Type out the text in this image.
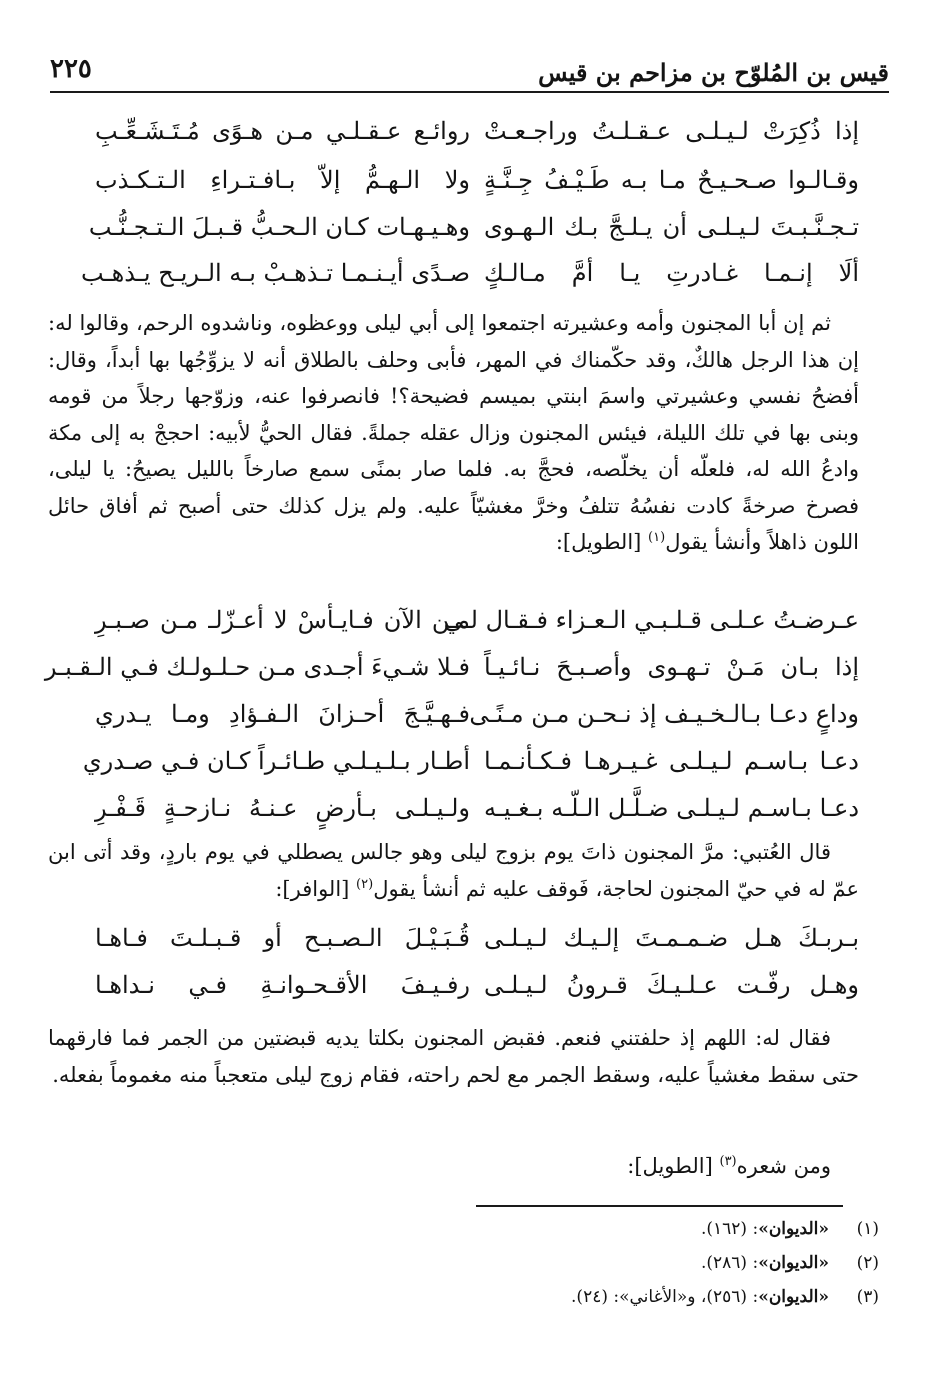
قيس بن المُلوّح بن مزاحم بن قيس
٢٢٥
إذا ذُكِرَتْ لـيـلـى عـقـلـتُ وراجـعـتْ
روائـع عـقـلـي مـن هـوًى مُـتَـشَـعِّـبِ
وقـالـوا صـحـيـحٌ مـا بـه طَـيْـفُ جِـنَّـةٍ
ولا الـهـمُّ إلاّ بـافـتـراءِ الـتـكـذب
تـجـنَّـبـتَ لـيـلـى أن يـلـجَّ بـك الـهـوى
وهـيـهـات كـان الـحـبُّ قـبـلَ الـتـجـنُّـب
ألَا إنـمـا غـادرتِ يـا أمَّ مـالـكٍ
صـدًى أيـنـمـا تـذهـبْ بـه الـريـح يـذهـب
ثم إن أبا المجنون وأمه وعشيرته اجتمعوا إلى أبي ليلى ووعظوه، وناشدوه الرحم، وقالوا له: إن هذا الرجل هالكٌ، وقد حكّمناك في المهر، فأبى وحلف بالطلاق أنه لا يزوِّجُها بها أبداً، وقال: أفضحُ نفسي وعشيرتي واسمَ ابنتي بميسم فضيحة؟! فانصرفوا عنه، وزوّجها رجلاً من قومه وبنى بها في تلك الليلة، فيئس المجنون وزال عقله جملةً. فقال الحيُّ لأبيه: احججْ به إلى مكة وادعُ الله له، فلعلّه أن يخلّصه، فحجَّ به. فلما صار بمنًى سمع صارخاً بالليل يصيحُ: يا ليلى، فصرخ صرخةً كادت نفسُهُ تتلفُ وخرَّ مغشيّاً عليه. ولم يزل كذلك حتى أصبح ثم أفاق حائل اللون ذاهلاً وأنشأ يقول$^{(١)}$ [الطويل]:
عـرضـتُ عـلـى قـلـبـي الـعـزاء فـقـال لـي
مـن الآن فـايـأسْ لا أعـزّلـ مـن صـبـرِ
إذا بـان مَـنْ تـهـوى وأصـبـحَ نـائـيـاً
فـلا شـيءَ أجـدى مـن حـلـولـك فـي الـقـبـر
وداعٍ دعـا بـالـخـيـف إذ نـحـن مـن مـنًـى
فـهـيَّـجَ أحـزانَ الـفـؤادِ ومـا يـدري
دعـا بـاسـم لـيـلـى غـيـرهـا فـكـأنـمـا
أطـار بـلـيـلـي طـائـراً كـان فـي صـدري
دعـا بـاسـم لـيـلـى ضـلَّـل الـلّـه بـغـيـه
ولـيـلـى بـأرضٍ عـنـهُ نـازحـةٍ قَـفْـرِ
قال العُتبي: مرَّ المجنون ذاتَ يوم بزوج ليلى وهو جالس يصطلي في يوم باردٍ، وقد أتى ابن عمّ له في حيّ المجنون لحاجة، فَوقف عليه ثم أنشأ يقول$^{(٢)}$ [الوافر]:
بـربـكَ هـل ضـمـمـتَ إلـيـك لـيـلـى
قُـبَـيْـلَ الـصـبـح أو قـبـلـتَ فـاهـا
وهـل رفّـت عـلـيـكَ قـرونُ لـيـلـى
رفـيـفَ الأقـحـوانـةِ فـي نـداهـا
فقال له: اللهم إذ حلفتني فنعم. فقبض المجنون بكلتا يديه قبضتين من الجمر فما فارقهما حتى سقط مغشياً عليه، وسقط الجمر مع لحم راحته، فقام زوج ليلى متعجباً منه مغموماً بفعله.
ومن شعره$^{(٣)}$ [الطويل]:
(١)«الديوان»: (١٦٢).
(٢)«الديوان»: (٢٨٦).
(٣)«الديوان»: (٢٥٦)، و«الأغاني»: (٢٤).
